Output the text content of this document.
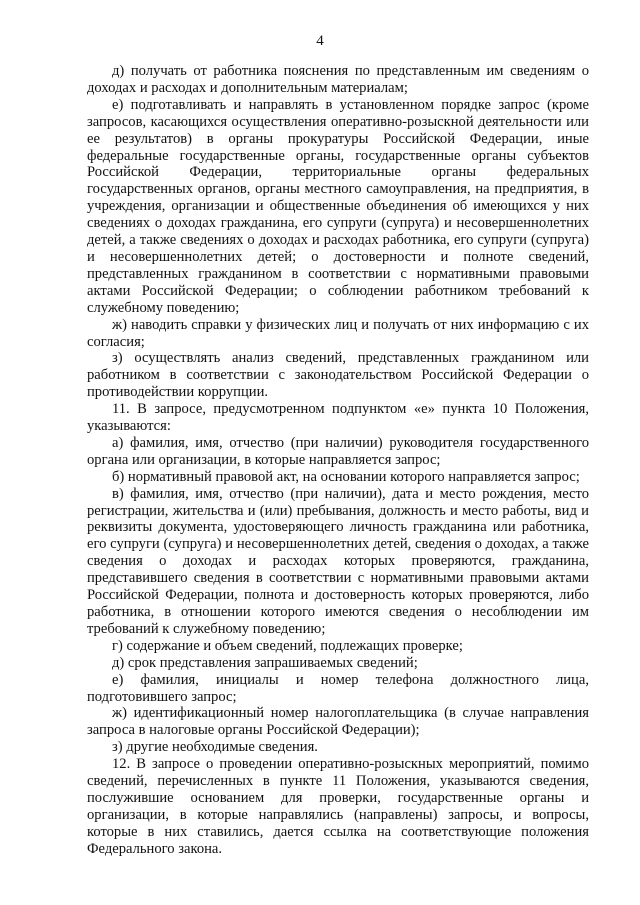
4

д) получать от работника пояснения по представленным им сведениям о доходах и расходах и дополнительным материалам;

е) подготавливать и направлять в установленном порядке запрос (кроме запросов, касающихся осуществления оперативно-розыскной деятельности или ее результатов) в органы прокуратуры Российской Федерации, иные федеральные государственные органы, государственные органы субъектов Российской Федерации, территориальные органы федеральных государственных органов, органы местного самоуправления, на предприятия, в учреждения, организации и общественные объединения об имеющихся у них сведениях о доходах гражданина, его супруги (супруга) и несовершеннолетних детей, а также сведениях о доходах и расходах работника, его супруги (супруга) и несовершеннолетних детей; о достоверности и полноте сведений, представленных гражданином в соответствии с нормативными правовыми актами Российской Федерации; о соблюдении работником требований к служебному поведению;

ж) наводить справки у физических лиц и получать от них информацию с их согласия;

з) осуществлять анализ сведений, представленных гражданином или работником в соответствии с законодательством Российской Федерации о противодействии коррупции.

11. В запросе, предусмотренном подпунктом «е» пункта 10 Положения, указываются:

а) фамилия, имя, отчество (при наличии) руководителя государственного органа или организации, в которые направляется запрос;

б) нормативный правовой акт, на основании которого направляется запрос;

в) фамилия, имя, отчество (при наличии), дата и место рождения, место регистрации, жительства и (или) пребывания, должность и место работы, вид и реквизиты документа, удостоверяющего личность гражданина или работника, его супруги (супруга) и несовершеннолетних детей, сведения о доходах, а также сведения о доходах и расходах которых проверяются, гражданина, представившего сведения в соответствии с нормативными правовыми актами Российской Федерации, полнота и достоверность которых проверяются, либо работника, в отношении которого имеются сведения о несоблюдении им требований к служебному поведению;

г) содержание и объем сведений, подлежащих проверке;

д) срок представления запрашиваемых сведений;

е) фамилия, инициалы и номер телефона должностного лица, подготовившего запрос;

ж) идентификационный номер налогоплательщика (в случае направления запроса в налоговые органы Российской Федерации);

з) другие необходимые сведения.

12. В запросе о проведении оперативно-розыскных мероприятий, помимо сведений, перечисленных в пункте 11 Положения, указываются сведения, послужившие основанием для проверки, государственные органы и организации, в которые направлялись (направлены) запросы, и вопросы, которые в них ставились, дается ссылка на соответствующие положения Федерального закона.
